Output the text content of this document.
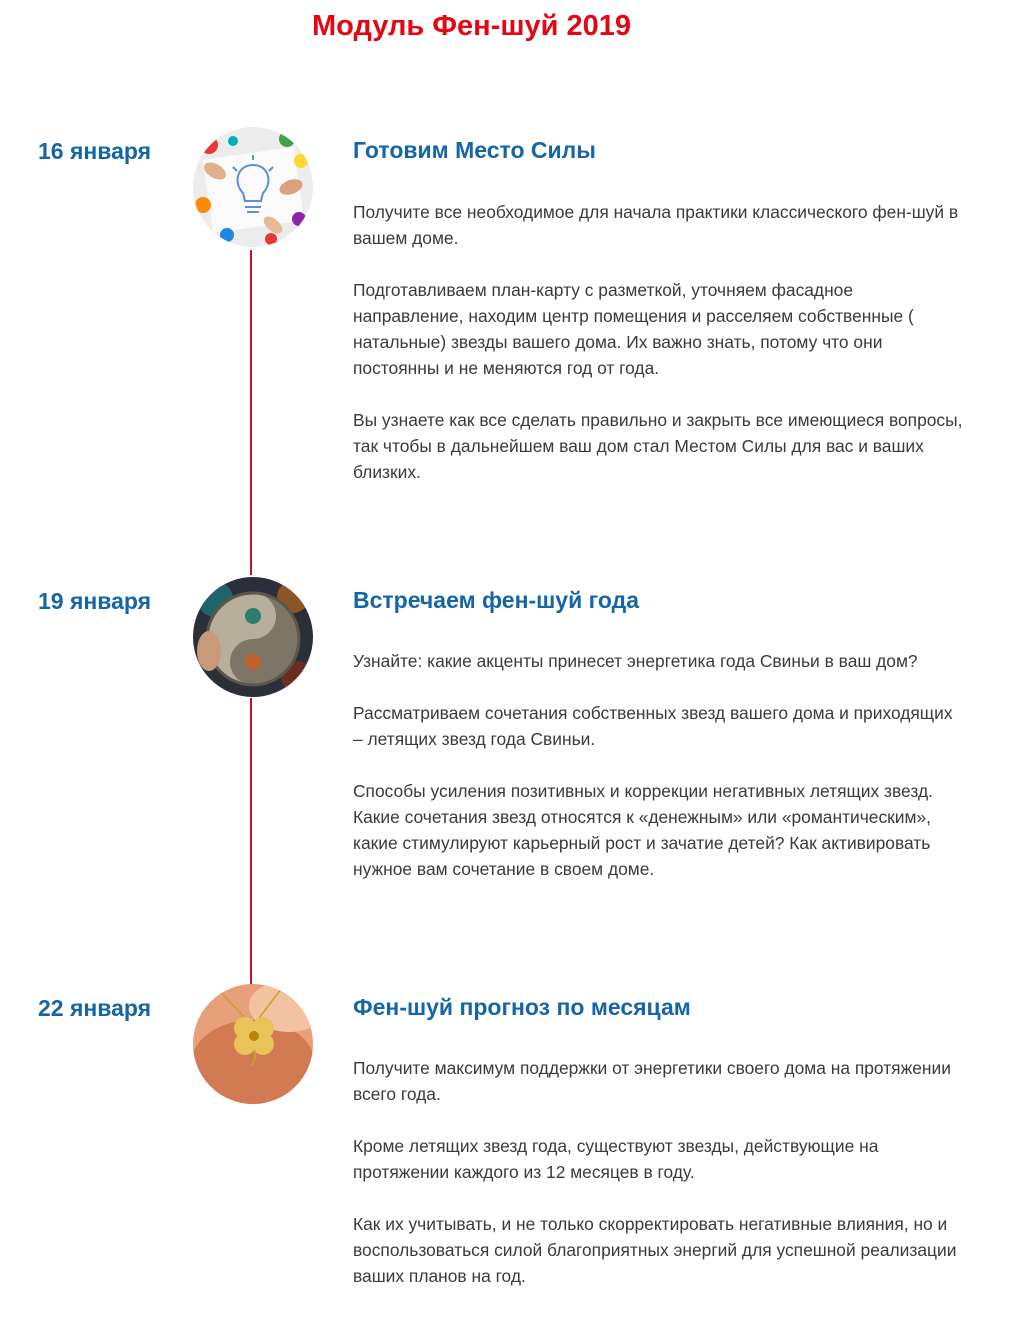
Модуль Фен-шуй 2019
16 января	Готовим Место Силы

Получите все необходимое для начала практики классического фен-шуй в вашем доме.

Подготавливаем план-карту с разметкой, уточняем фасадное направление, находим центр помещения и расселяем собственные ( натальные) звезды вашего дома. Их важно знать, потому что они постоянны и не меняются год от года.

Вы узнаете как все сделать правильно и закрыть все имеющиеся вопросы, так чтобы в дальнейшем ваш дом стал Местом Силы для вас и ваших близких.

19 января	Встречаем фен-шуй года

Узнайте: какие акценты принесет энергетика года Свиньи в ваш дом?

Рассматриваем сочетания собственных звезд вашего дома и приходящих – летящих звезд года Свиньи.

Способы усиления позитивных и коррекции негативных летящих звезд. Какие сочетания звезд относятся к «денежным» или «романтическим», какие стимулируют карьерный рост и зачатие детей? Как активировать нужное вам сочетание в своем доме.

22 января	Фен-шуй прогноз по месяцам

Получите максимум поддержки от энергетики своего дома на протяжении всего года.

Кроме летящих звезд года, существуют звезды, действующие на протяжении каждого из 12 месяцев в году.

Как их учитывать, и не только скорректировать негативные влияния, но и воспользоваться силой благоприятных энергий для успешной реализации ваших планов на год.
